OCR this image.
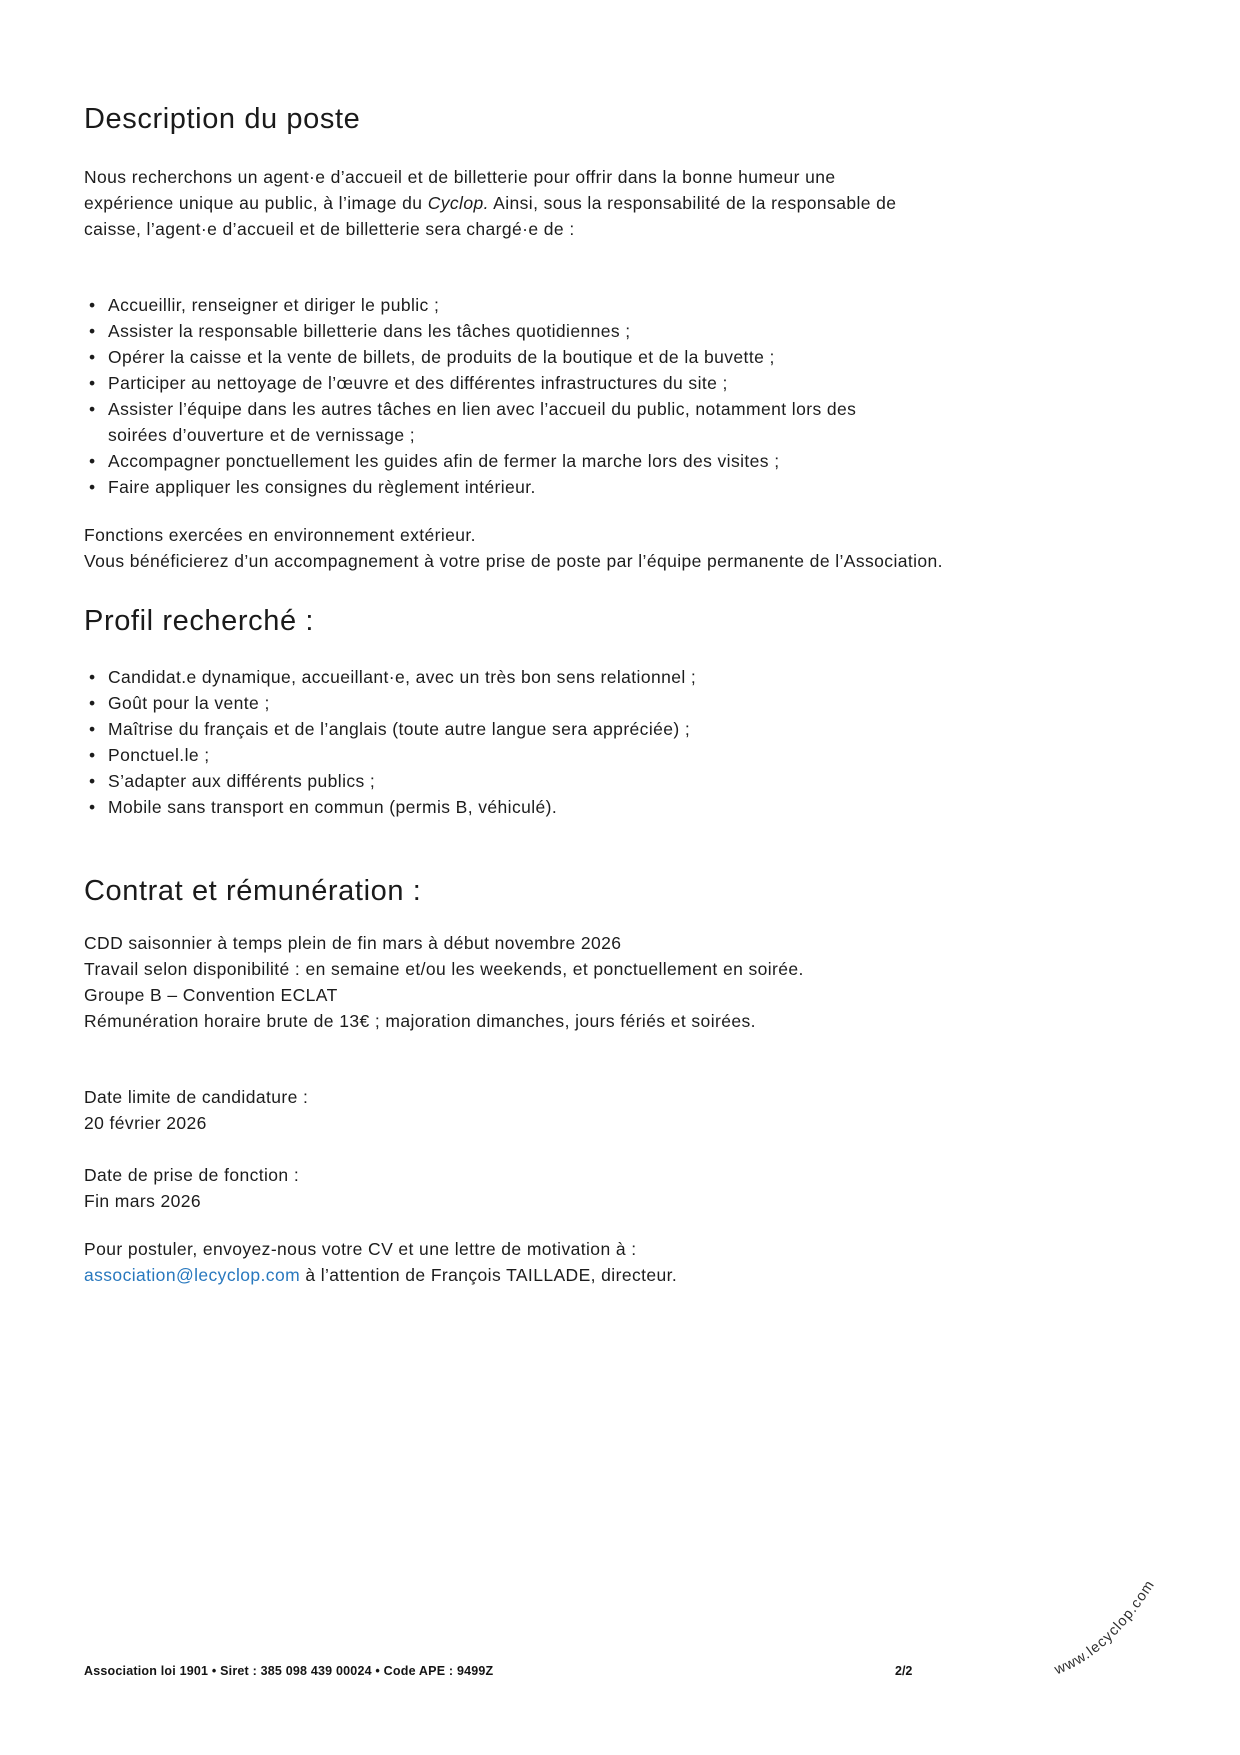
Description du poste
Nous recherchons un agent·e d’accueil et de billetterie pour offrir dans la bonne humeur une
expérience unique au public, à l’image du Cyclop. Ainsi, sous la responsabilité de la responsable de
caisse, l’agent·e d’accueil et de billetterie sera chargé·e de :
• Accueillir, renseigner et diriger le public ;
• Assister la responsable billetterie dans les tâches quotidiennes ;
• Opérer la caisse et la vente de billets, de produits de la boutique et de la buvette ;
• Participer au nettoyage de l’œuvre et des différentes infrastructures du site ;
• Assister l’équipe dans les autres tâches en lien avec l’accueil du public, notamment lors des
soirées d’ouverture et de vernissage ;
• Accompagner ponctuellement les guides afin de fermer la marche lors des visites ;
• Faire appliquer les consignes du règlement intérieur.
Fonctions exercées en environnement extérieur.
Vous bénéficierez d’un accompagnement à votre prise de poste par l’équipe permanente de l’Association.
Profil recherché :
• Candidat.e dynamique, accueillant·e, avec un très bon sens relationnel ;
• Goût pour la vente ;
• Maîtrise du français et de l’anglais (toute autre langue sera appréciée) ;
• Ponctuel.le ;
• S’adapter aux différents publics ;
• Mobile sans transport en commun (permis B, véhiculé).
Contrat et rémunération :
CDD saisonnier à temps plein de fin mars à début novembre 2026
Travail selon disponibilité : en semaine et/ou les weekends, et ponctuellement en soirée.
Groupe B – Convention ECLAT
Rémunération horaire brute de 13€ ; majoration dimanches, jours fériés et soirées.
Date limite de candidature :
20 février 2026
Date de prise de fonction :
Fin mars 2026
Pour postuler, envoyez-nous votre CV et une lettre de motivation à :
association@lecyclop.com à l’attention de François TAILLADE, directeur.
Association loi 1901 • Siret : 385 098 439 00024 • Code APE : 9499Z	2/2	www.lecyclop.com
